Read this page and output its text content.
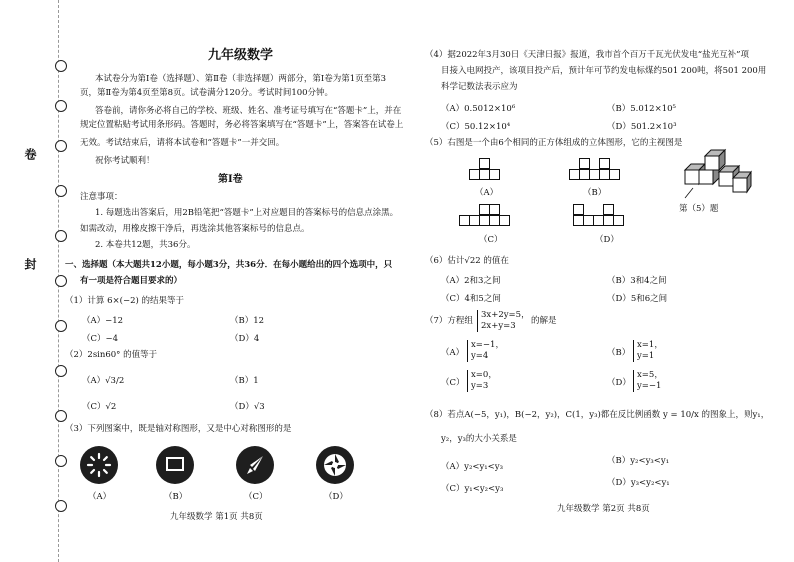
卷
封
九年级数学
本试卷分为第Ⅰ卷（选择题）、第Ⅱ卷（非选择题）两部分，第Ⅰ卷为第1页至第3
页，第Ⅱ卷为第4页至第8页。试卷满分120分。考试时间100分钟。
答卷前，请你务必将自己的学校、班级、姓名、准考证号填写在“答题卡”上，并在
规定位置粘贴考试用条形码。答题时，务必将答案填写在“答题卡”上，答案答在试卷上
无效。考试结束后，请将本试卷和“答题卡”一并交回。
祝你考试顺利！
第Ⅰ卷
注意事项：
1. 每题选出答案后，用2B铅笔把“答题卡”上对应题目的答案标号的信息点涂黑。
如需改动，用橡皮擦干净后，再选涂其他答案标号的信息点。
2. 本卷共12题，共36分。
一、选择题（本大题共12小题，每小题3分，共36分．在每小题给出的四个选项中，只
有一项是符合题目要求的）
（1）计算 6×(−2) 的结果等于
（A）−12	（B）12
（C）−4	（D）4
（2）2sin60° 的值等于
（A）√3/2	（B）1
（C）√2	（D）√3
（3）下列图案中，既是轴对称图形，又是中心对称图形的是
（A）	（B）	（C）	（D）
九年级数学 第1页 共8页
（4）据2022年3月30日《天津日报》报道，我市首个百万千瓦光伏发电“盐光互补”项
目接入电网投产，该项目投产后，预计年可节约发电标煤约501 200吨，将501 200用
科学记数法表示应为
（A）0.5012×10⁶	（B）5.012×10⁵
（C）50.12×10⁴	（D）501.2×10³
（5）右图是一个由6个相同的正方体组成的立体图形，它的主视图是
（A）	（B）
（C）	（D）
第（5）题
（6）估计√22 的值在
（A）2和3之间	（B）3和4之间
（C）4和5之间	（D）5和6之间
（7）方程组
3x+2y=5，
2x+y=3	的解是
（A）
x=−1，
y=4	（B）
x=1，
y=1
（C）
x=0，
y=3	（D）
x=5，
y=−1
（8）若点A(−5，y₁)，B(−2，y₂)，C(1，y₃)都在反比例函数 y = 10/x 的图象上，则y₁，
y₂，y₃的大小关系是
（A）y₂<y₁<y₃
（B）y₂<y₃<y₁
（C）y₁<y₂<y₃
（D）y₃<y₂<y₁
九年级数学 第2页 共8页
